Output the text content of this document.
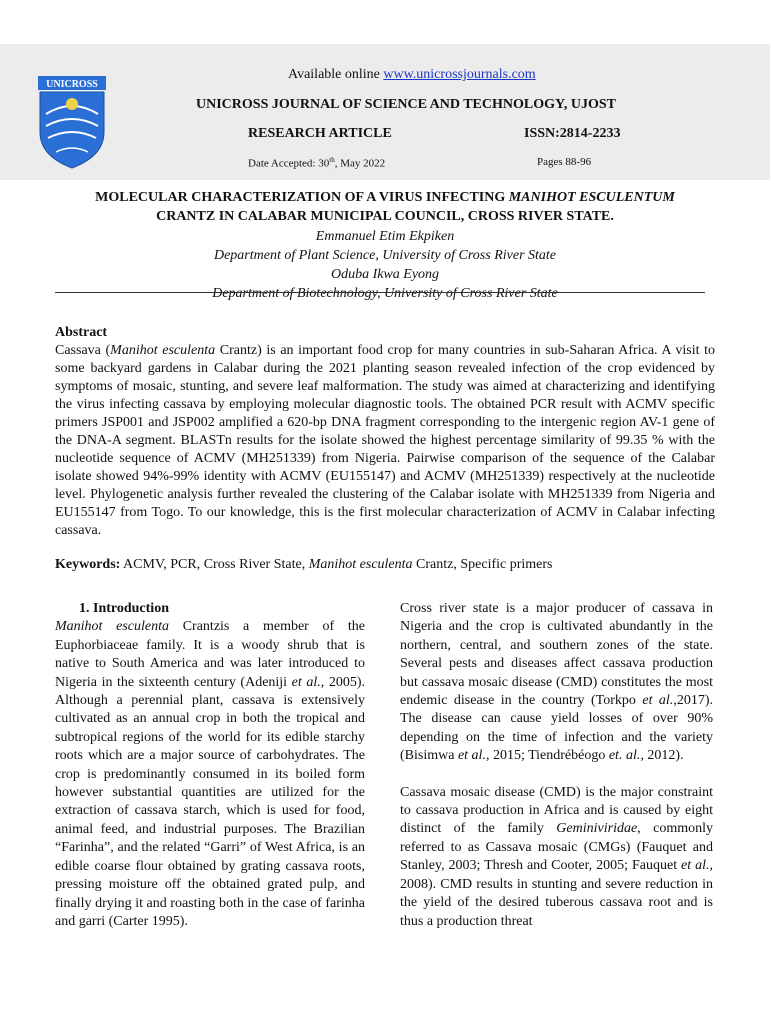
UNICROSS
Available online www.unicrossjournals.com
UNICROSS JOURNAL OF SCIENCE AND TECHNOLOGY, UJOST
RESEARCH ARTICLE	ISSN:2814-2233
Date Accepted: 30th, May 2022	Pages 88-96
MOLECULAR CHARACTERIZATION OF A VIRUS INFECTING MANIHOT ESCULENTUM
CRANTZ IN CALABAR MUNICIPAL COUNCIL, CROSS RIVER STATE.
Emmanuel Etim Ekpiken
Department of Plant Science, University of Cross River State
Oduba Ikwa Eyong
Department of Biotechnology, University of Cross River State

Abstract

Cassava (Manihot esculenta Crantz) is an important food crop for many countries in sub-Saharan Africa. A visit to some backyard gardens in Calabar during the 2021 planting season revealed infection of the crop evidenced by symptoms of mosaic, stunting, and severe leaf malformation. The study was aimed at characterizing and identifying the virus infecting cassava by employing molecular diagnostic tools. The obtained PCR result with ACMV specific primers JSP001 and JSP002 amplified a 620-bp DNA fragment corresponding to the intergenic region AV-1 gene of the DNA-A segment. BLASTn results for the isolate showed the highest percentage similarity of 99.35 % with the nucleotide sequence of ACMV (MH251339) from Nigeria. Pairwise comparison of the sequence of the Calabar isolate showed 94%-99% identity with ACMV (EU155147) and ACMV (MH251339) respectively at the nucleotide level. Phylogenetic analysis further revealed the clustering of the Calabar isolate with MH251339 from Nigeria and EU155147 from Togo. To our knowledge, this is the first molecular characterization of ACMV in Calabar infecting cassava.

Keywords: ACMV, PCR, Cross River State, Manihot esculenta Crantz, Specific primers

1. Introduction

Manihot esculenta Crantzis a member of the Euphorbiaceae family. It is a woody shrub that is native to South America and was later introduced to Nigeria in the sixteenth century (Adeniji et al., 2005). Although a perennial plant, cassava is extensively cultivated as an annual crop in both the tropical and subtropical regions of the world for its edible starchy roots which are a major source of carbohydrates. The crop is predominantly consumed in its boiled form however substantial quantities are utilized for the extraction of cassava starch, which is used for food, animal feed, and industrial purposes. The Brazilian “Farinha”, and the related “Garri” of West Africa, is an edible coarse flour obtained by grating cassava roots, pressing moisture off the obtained grated pulp, and finally drying it and roasting both in the case of farinha and garri (Carter 1995).

Cross river state is a major producer of cassava in Nigeria and the crop is cultivated abundantly in the northern, central, and southern zones of the state. Several pests and diseases affect cassava production but cassava mosaic disease (CMD) constitutes the most endemic disease in the country (Torkpo et al.,2017). The disease can cause yield losses of over 90% depending on the time of infection and the variety (Bisimwa et al., 2015; Tiendrébéogo et. al., 2012).

Cassava mosaic disease (CMD) is the major constraint to cassava production in Africa and is caused by eight distinct of the family Geminiviridae, commonly referred to as Cassava mosaic (CMGs) (Fauquet and Stanley, 2003; Thresh and Cooter, 2005; Fauquet et al., 2008). CMD results in stunting and severe reduction in the yield of the desired tuberous cassava root and is thus a production threat
